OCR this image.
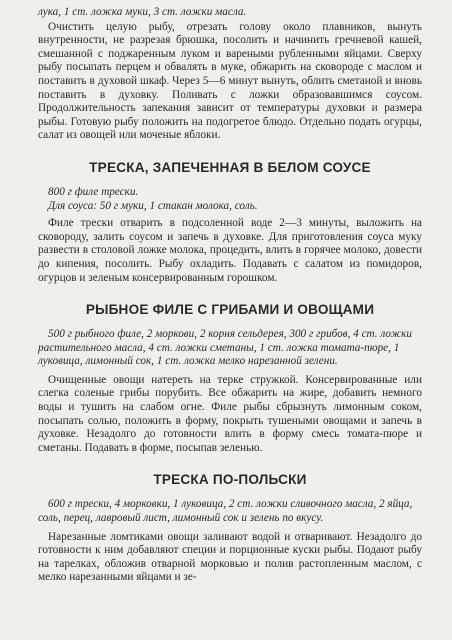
лука, 1 ст. ложка муки, 3 ст. ложки масла.

Очистить целую рыбу, отрезать голову около плавников, вынуть внутренности, не разрезая брюшка, посолить и начинить гречневой кашей, смешанной с поджаренным луком и вареными рубленными яйцами. Сверху рыбу посыпать перцем и обвалять в муке, обжарить на сковороде с маслом и поставить в духовой шкаф. Через 5—6 минут вынуть, облить сметаной и вновь поставить в духовку. Поливать с ложки образовавшимся соусом. Продолжительность запекания зависит от температуры духовки и размера рыбы. Готовую рыбу положить на подогретое блюдо. Отдельно подать огурцы, салат из овощей или моченые яблоки.

ТРЕСКА, ЗАПЕЧЕННАЯ В БЕЛОМ СОУСЕ

800 г филе трески.

Для соуса: 50 г муки, 1 стакан молока, соль.

Филе трески отварить в подсоленной воде 2—3 минуты, выложить на сковороду, залить соусом и запечь в духовке. Для приготовления соуса муку развести в столовой ложке молока, процедить, влить в горячее молоко, довести до кипения, посолить. Рыбу охладить. Подавать с салатом из помидоров, огурцов и зеленым консервированным горошком.

РЫБНОЕ ФИЛЕ С ГРИБАМИ И ОВОЩАМИ

500 г рыбного филе, 2 моркови, 2 корня сельдерея, 300 г грибов, 4 ст. ложки растительного масла, 4 ст. ложки сметаны, 1 ст. ложка томата-пюре, 1 луковица, лимонный сок, 1 ст. ложка мелко нарезанной зелени.

Очищенные овощи натереть на терке стружкой. Консервированные или слегка соленые грибы порубить. Все обжарить на жире, добавить немного воды и тушить на слабом огне. Филе рыбы сбрызнуть лимонным соком, посыпать солью, положить в форму, покрыть тушеными овощами и запечь в духовке. Незадолго до готовности влить в форму смесь томата-пюре и сметаны. Подавать в форме, посыпав зеленью.

ТРЕСКА ПО-ПОЛЬСКИ

600 г трески, 4 морковки, 1 луковица, 2 ст. ложки сливочного масла, 2 яйца, соль, перец, лавровый лист, лимонный сок и зелень по вкусу.

Нарезанные ломтиками овощи заливают водой и отваривают. Незадолго до готовности к ним добавляют специи и порционные куски рыбы. Подают рыбу на тарелках, обложив отварной морковью и полив растопленным маслом, с мелко нарезанными яйцами и зе-
